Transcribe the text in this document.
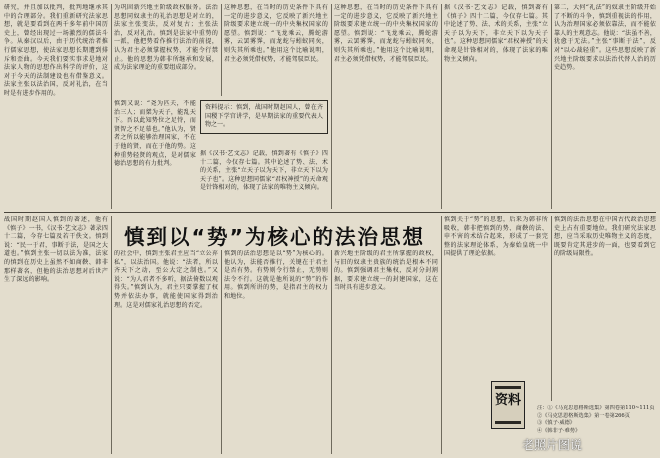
研究，并且加以批判，批判地继承其中的合理部分。我们重新研究法家思想，就是要看到在两千多年前中国历史上，曾经出现过一场激烈的儒法斗争。从秦汉以后，由于历代统治者推行儒家思想，使法家思想长期遭到排斥和歪曲。今天我们要实事求是地对法家人物的思想作出科学的评价，这对于今天的法制建设也有借鉴意义。法家主张以法治国，反对礼治，在当时是有进步作用的。

为巩固新兴地主阶级政权服务。法治思想同奴隶主的礼治思想是对立的，法家主张变法，反对复古；主张法治，反对礼治。慎到是法家中重势的一派，他把势看作推行法治的前提，认为君主必须掌握权势，才能令行禁止。他的思想为韩非所继承和发展，成为法家理论的重要组成部分。

这种思想，在当时的历史条件下具有一定的进步意义，它反映了新兴地主阶级要求建立统一的中央集权国家的愿望。慎到说：“飞龙乘云，腾蛇游雾，云罢雾霁，而龙蛇与蚓蚁同矣，则失其所乘也。”他用这个比喻说明，君主必须凭借权势，才能驾驭臣民。

慎到又说：“尧为匹夫，不能治三人；而桀为天子，能乱天下。吾以此知势位之足恃，而贤智之不足慕也。”他认为，贤者之所以能够治理国家，不在于他的贤，而在于他的势。这种重势轻贤的观点，是对儒家德治思想的有力批判。

资料提示：慎到，战国时期赵国人，曾在齐国稷下学宫讲学，是早期法家的重要代表人物之一。

据《汉书·艺文志》记载，慎到著有《慎子》四十二篇，今仅存七篇。其中论述了势、法、术的关系，主张“立天子以为天下，非立天下以为天子也”。这种思想同儒家“君权神授”的天命观是针锋相对的，体现了法家的唯物主义倾向。

这种思想，在当时的历史条件下具有一定的进步意义，它反映了新兴地主阶级要求建立统一的中央集权国家的愿望。慎到说：“飞龙乘云，腾蛇游雾，云罢雾霁，而龙蛇与蚓蚁同矣，则失其所乘也。”他用这个比喻说明，君主必须凭借权势，才能驾驭臣民。

据《汉书·艺文志》记载，慎到著有《慎子》四十二篇，今仅存七篇。其中论述了势、法、术的关系，主张“立天子以为天下，非立天下以为天子也”。这种思想同儒家“君权神授”的天命观是针锋相对的，体现了法家的唯物主义倾向。

第二，大何“礼法”的奴隶主阶级开始了不断的斗争，慎到重视法的作用，认为治理国家必须依靠法，而不能依靠人的主观意志。他说：“法虽不善，犹愈于无法。”主张“事断于法”，反对“以心裁轻重”。这些思想反映了新兴地主阶级要求以法治代替人治的历史趋势。

慎到以“势”为核心的法治思想

战国时期赵国人慎到的著述，他有《慎子》一书，《汉书·艺文志》著录四十二篇，今存七篇及若干佚文。慎到说：“民一于君，事断于法，是国之大道也。”慎到主张一切以法为准，法家的慎到在历史上虽然不如商鞅、韩非那样著名，但他的法治思想对后世产生了深远的影响。

的社会中，慎到主张君主应当“立公弃私”，以法治国。他说：“法者，所以齐天下之动，至公大定之制也。”又说：“为人君者不多听，据法倚数以观得失。”慎到认为，君主只要掌握了权势并依法办事，就能使国家得到治理。这是对儒家礼治思想的否定。

慎到的法治思想是以“势”为核心的。他认为，法能否推行，关键在于君主是否有势。有势则令行禁止，无势则法令不行。这就是他所说的“势”的作用。慎到所讲的势，是指君主的权力和地位。

新兴地主阶级的君主所掌握的政权，与旧的奴隶主贵族的统治是根本不同的。慎到强调君主集权，反对分封割据，要求建立统一的封建国家，这在当时具有进步意义。

慎到关于“势”的思想，后来为韩非所吸收，韩非把慎到的势、商鞅的法、申不害的术结合起来，形成了一套完整的法家理论体系，为秦始皇统一中国提供了理论依据。

慎到的法治思想在中国古代政治思想史上占有重要地位。我们研究法家思想，应当采取历史唯物主义的态度，既要肯定其进步的一面，也要看到它的阶级局限性。

资料	注：①《马克思恩格斯选集》第四卷第110~111页

②《马克思恩格斯选集》第一卷第266页

③《慎子·威德》

④《韩非子·难势》

老照片图说
